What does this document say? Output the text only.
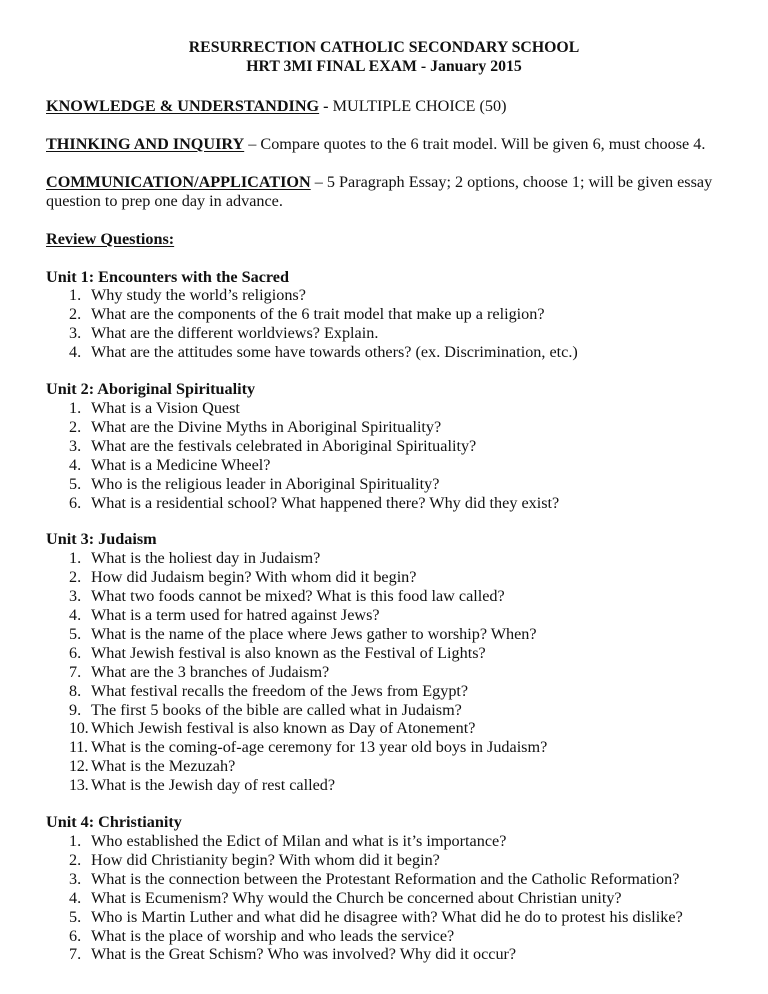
RESURRECTION CATHOLIC SECONDARY SCHOOL
HRT 3MI FINAL EXAM - January 2015
KNOWLEDGE & UNDERSTANDING - MULTIPLE CHOICE (50)
THINKING AND INQUIRY – Compare quotes to the 6 trait model. Will be given 6, must choose 4.
COMMUNICATION/APPLICATION – 5 Paragraph Essay; 2 options, choose 1; will be given essay question to prep one day in advance.
Review Questions:
Unit 1: Encounters with the Sacred
1. Why study the world’s religions?
2. What are the components of the 6 trait model that make up a religion?
3. What are the different worldviews? Explain.
4. What are the attitudes some have towards others? (ex. Discrimination, etc.)
Unit 2: Aboriginal Spirituality
1. What is a Vision Quest
2. What are the Divine Myths in Aboriginal Spirituality?
3. What are the festivals celebrated in Aboriginal Spirituality?
4. What is a Medicine Wheel?
5. Who is the religious leader in Aboriginal Spirituality?
6. What is a residential school? What happened there? Why did they exist?
Unit 3: Judaism
1. What is the holiest day in Judaism?
2. How did Judaism begin? With whom did it begin?
3. What two foods cannot be mixed? What is this food law called?
4. What is a term used for hatred against Jews?
5. What is the name of the place where Jews gather to worship? When?
6. What Jewish festival is also known as the Festival of Lights?
7. What are the 3 branches of Judaism?
8. What festival recalls the freedom of the Jews from Egypt?
9. The first 5 books of the bible are called what in Judaism?
10. Which Jewish festival is also known as Day of Atonement?
11. What is the coming-of-age ceremony for 13 year old boys in Judaism?
12. What is the Mezuzah?
13. What is the Jewish day of rest called?
Unit 4: Christianity
1. Who established the Edict of Milan and what is it’s importance?
2. How did Christianity begin? With whom did it begin?
3. What is the connection between the Protestant Reformation and the Catholic Reformation?
4. What is Ecumenism? Why would the Church be concerned about Christian unity?
5. Who is Martin Luther and what did he disagree with? What did he do to protest his dislike?
6. What is the place of worship and who leads the service?
7. What is the Great Schism? Who was involved? Why did it occur?
